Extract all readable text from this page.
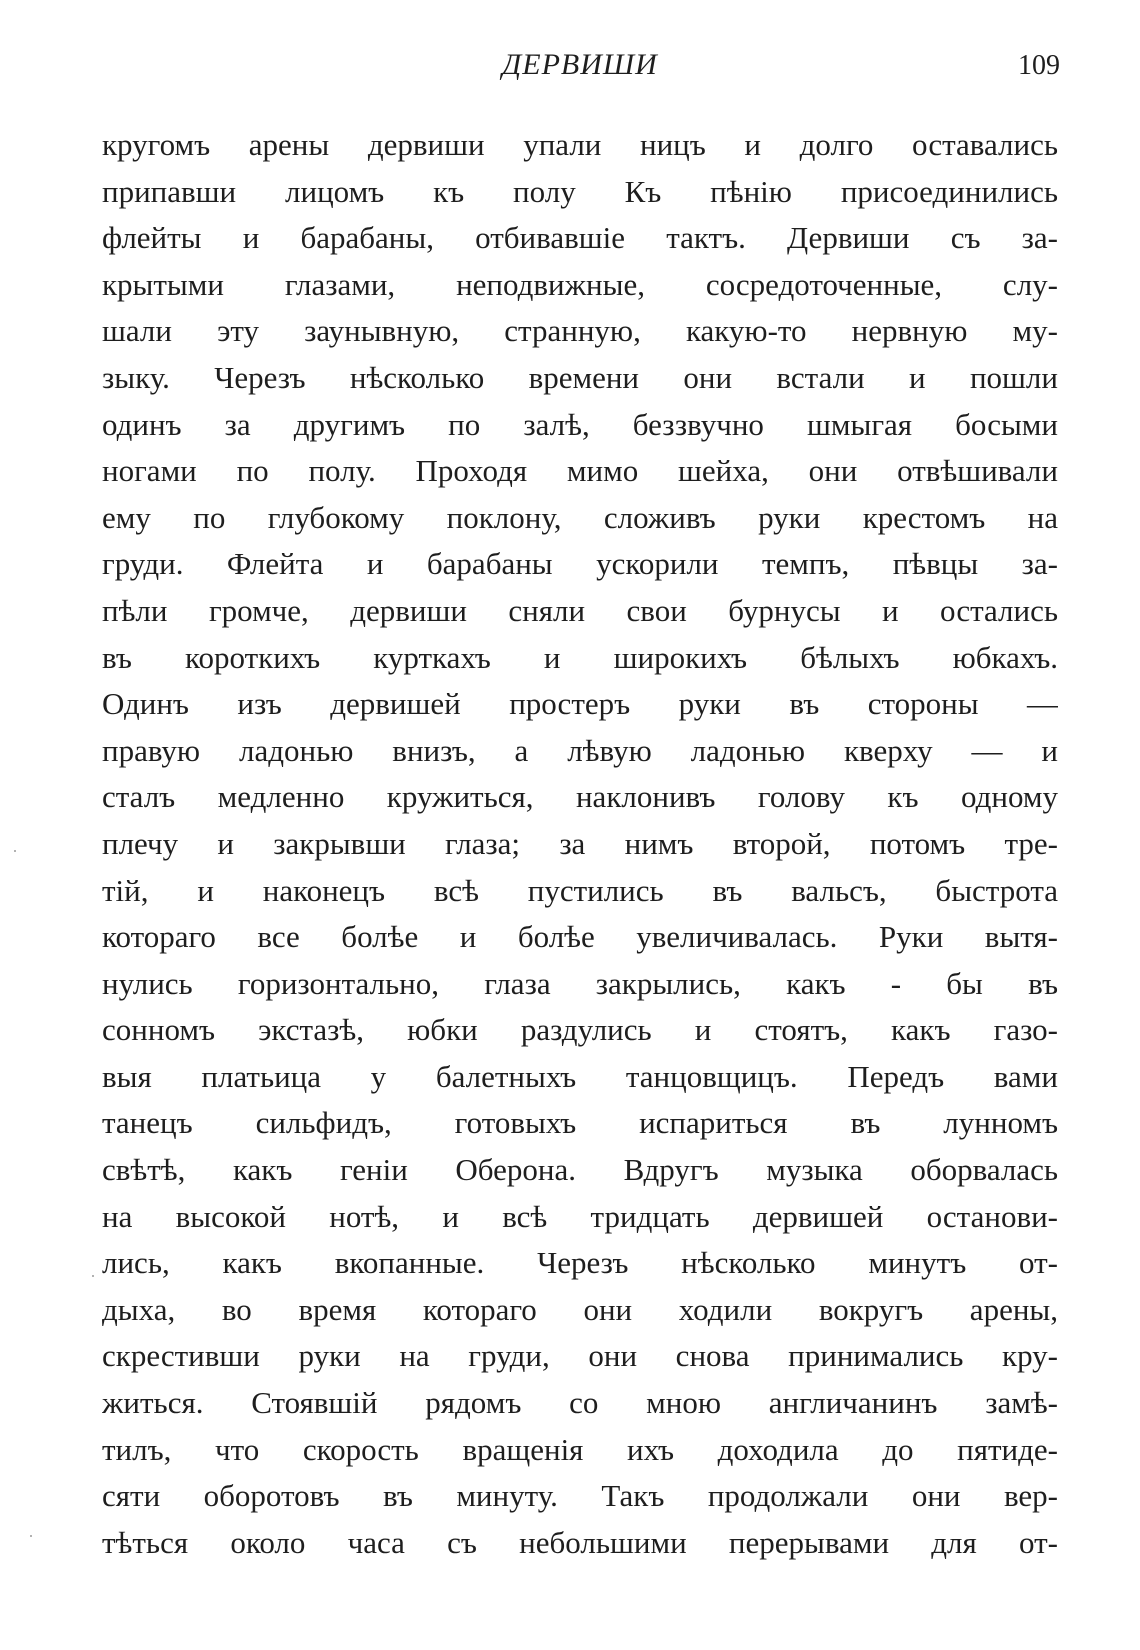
ДЕРВИШИ	109
кругомъ арены дервиши упали ницъ и долго оставались
припавши лицомъ къ полу Къ пѣнію присоединились
флейты и барабаны, отбивавшіе тактъ. Дервиши съ за-
крытыми глазами, неподвижные, сосредоточенные, слу-
шали эту заунывную, странную, какую-то нервную му-
зыку. Черезъ нѣсколько времени они встали и пошли
одинъ за другимъ по залѣ, беззвучно шмыгая босыми
ногами по полу. Проходя мимо шейха, они отвѣшивали
ему по глубокому поклону, сложивъ руки крестомъ на
груди. Флейта и барабаны ускорили темпъ, пѣвцы за-
пѣли громче, дервиши сняли свои бурнусы и остались
въ короткихъ курткахъ и широкихъ бѣлыхъ юбкахъ.
Одинъ изъ дервишей простеръ руки въ стороны —
правую ладонью внизъ, а лѣвую ладонью кверху — и
сталъ медленно кружиться, наклонивъ голову къ одному
плечу и закрывши глаза; за нимъ второй, потомъ тре-
тій, и наконецъ всѣ пустились въ вальсъ, быстрота
котораго все болѣе и болѣе увеличивалась. Руки вытя-
нулись горизонтально, глаза закрылись, какъ - бы въ
сонномъ экстазѣ, юбки раздулись и стоятъ, какъ газо-
выя платьица у балетныхъ танцовщицъ. Передъ вами
танецъ сильфидъ, готовыхъ испариться въ лунномъ
свѣтѣ, какъ геніи Оберона. Вдругъ музыка оборвалась
на высокой нотѣ, и всѣ тридцать дервишей останови-
лись, какъ вкопанные. Черезъ нѣсколько минутъ от-
дыха, во время котораго они ходили вокругъ арены,
скрестивши руки на груди, они снова принимались кру-
житься. Стоявшій рядомъ со мною англичанинъ замѣ-
тилъ, что скорость вращенія ихъ доходила до пятиде-
сяти оборотовъ въ минуту. Такъ продолжали они вер-
тѣться около часа съ небольшими перерывами для от-
